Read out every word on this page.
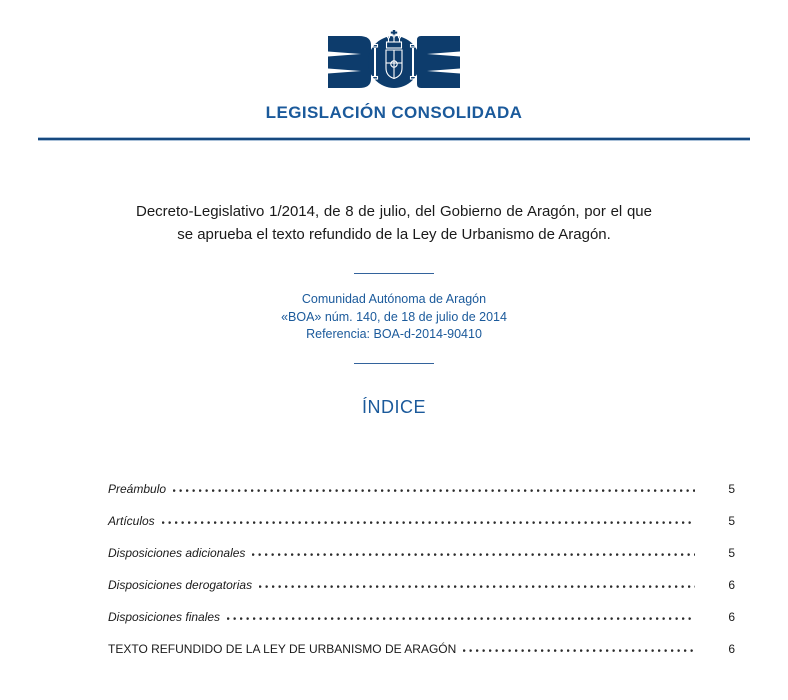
LEGISLACIÓN CONSOLIDADA

Decreto-Legislativo 1/2014, de 8 de julio, del Gobierno de Aragón, por el que se aprueba el texto refundido de la Ley de Urbanismo de Aragón.

Comunidad Autónoma de Aragón
«BOA» núm. 140, de 18 de julio de 2014
Referencia: BOA-d-2014-90410
ÍNDICE
Preámbulo	5
Artículos	5
Disposiciones adicionales	5
Disposiciones derogatorias	6
Disposiciones finales	6
TEXTO REFUNDIDO DE LA LEY DE URBANISMO DE ARAGÓN	6
